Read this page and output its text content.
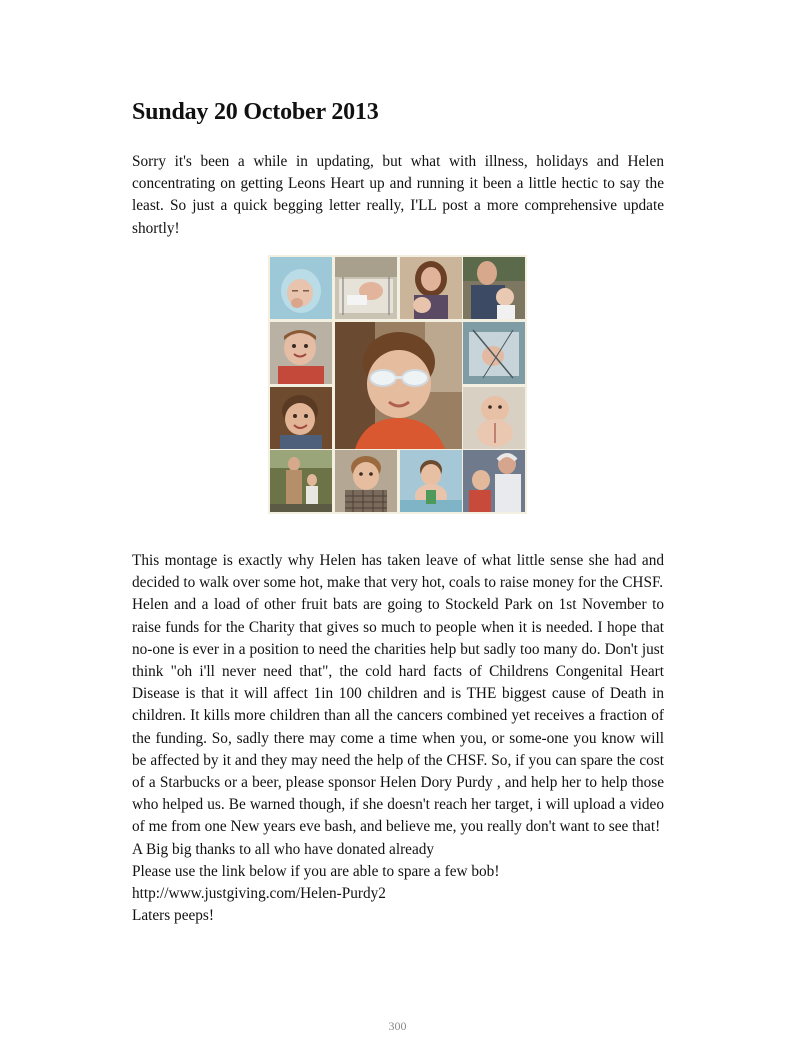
Sunday 20 October 2013
Sorry it's been a while in updating, but what with illness, holidays and Helen concentrating on getting Leons Heart up and running it been a little hectic to say the least. So just a quick begging letter really, I'LL post a more comprehensive update shortly!

This montage is exactly why Helen has taken leave of what little sense she had and decided to walk over some hot, make that very hot, coals to raise money for the CHSF.

Helen and a load of other fruit bats are going to Stockeld Park on 1st November to raise funds for the Charity that gives so much to people when it is needed. I hope that no-one is ever in a position to need the charities help but sadly too many do. Don't just think "oh i'll never need that", the cold hard facts of Childrens Congenital Heart Disease is that it will affect 1in 100 children and is THE biggest cause of Death in children. It kills more children than all the cancers combined yet receives a fraction of the funding. So, sadly there may come a time when you, or some-one you know will be affected by it and they may need the help of the CHSF. So, if you can spare the cost of a Starbucks or a beer, please sponsor Helen Dory Purdy , and help her to help those who helped us. Be warned though, if she doesn't reach her target, i will upload a video of me from one New years eve bash, and believe me, you really don't want to see that!

A Big big thanks to all who have donated already

Please use the link below if you are able to spare a few bob!

http://www.justgiving.com/Helen-Purdy2

Laters peeps!

300
